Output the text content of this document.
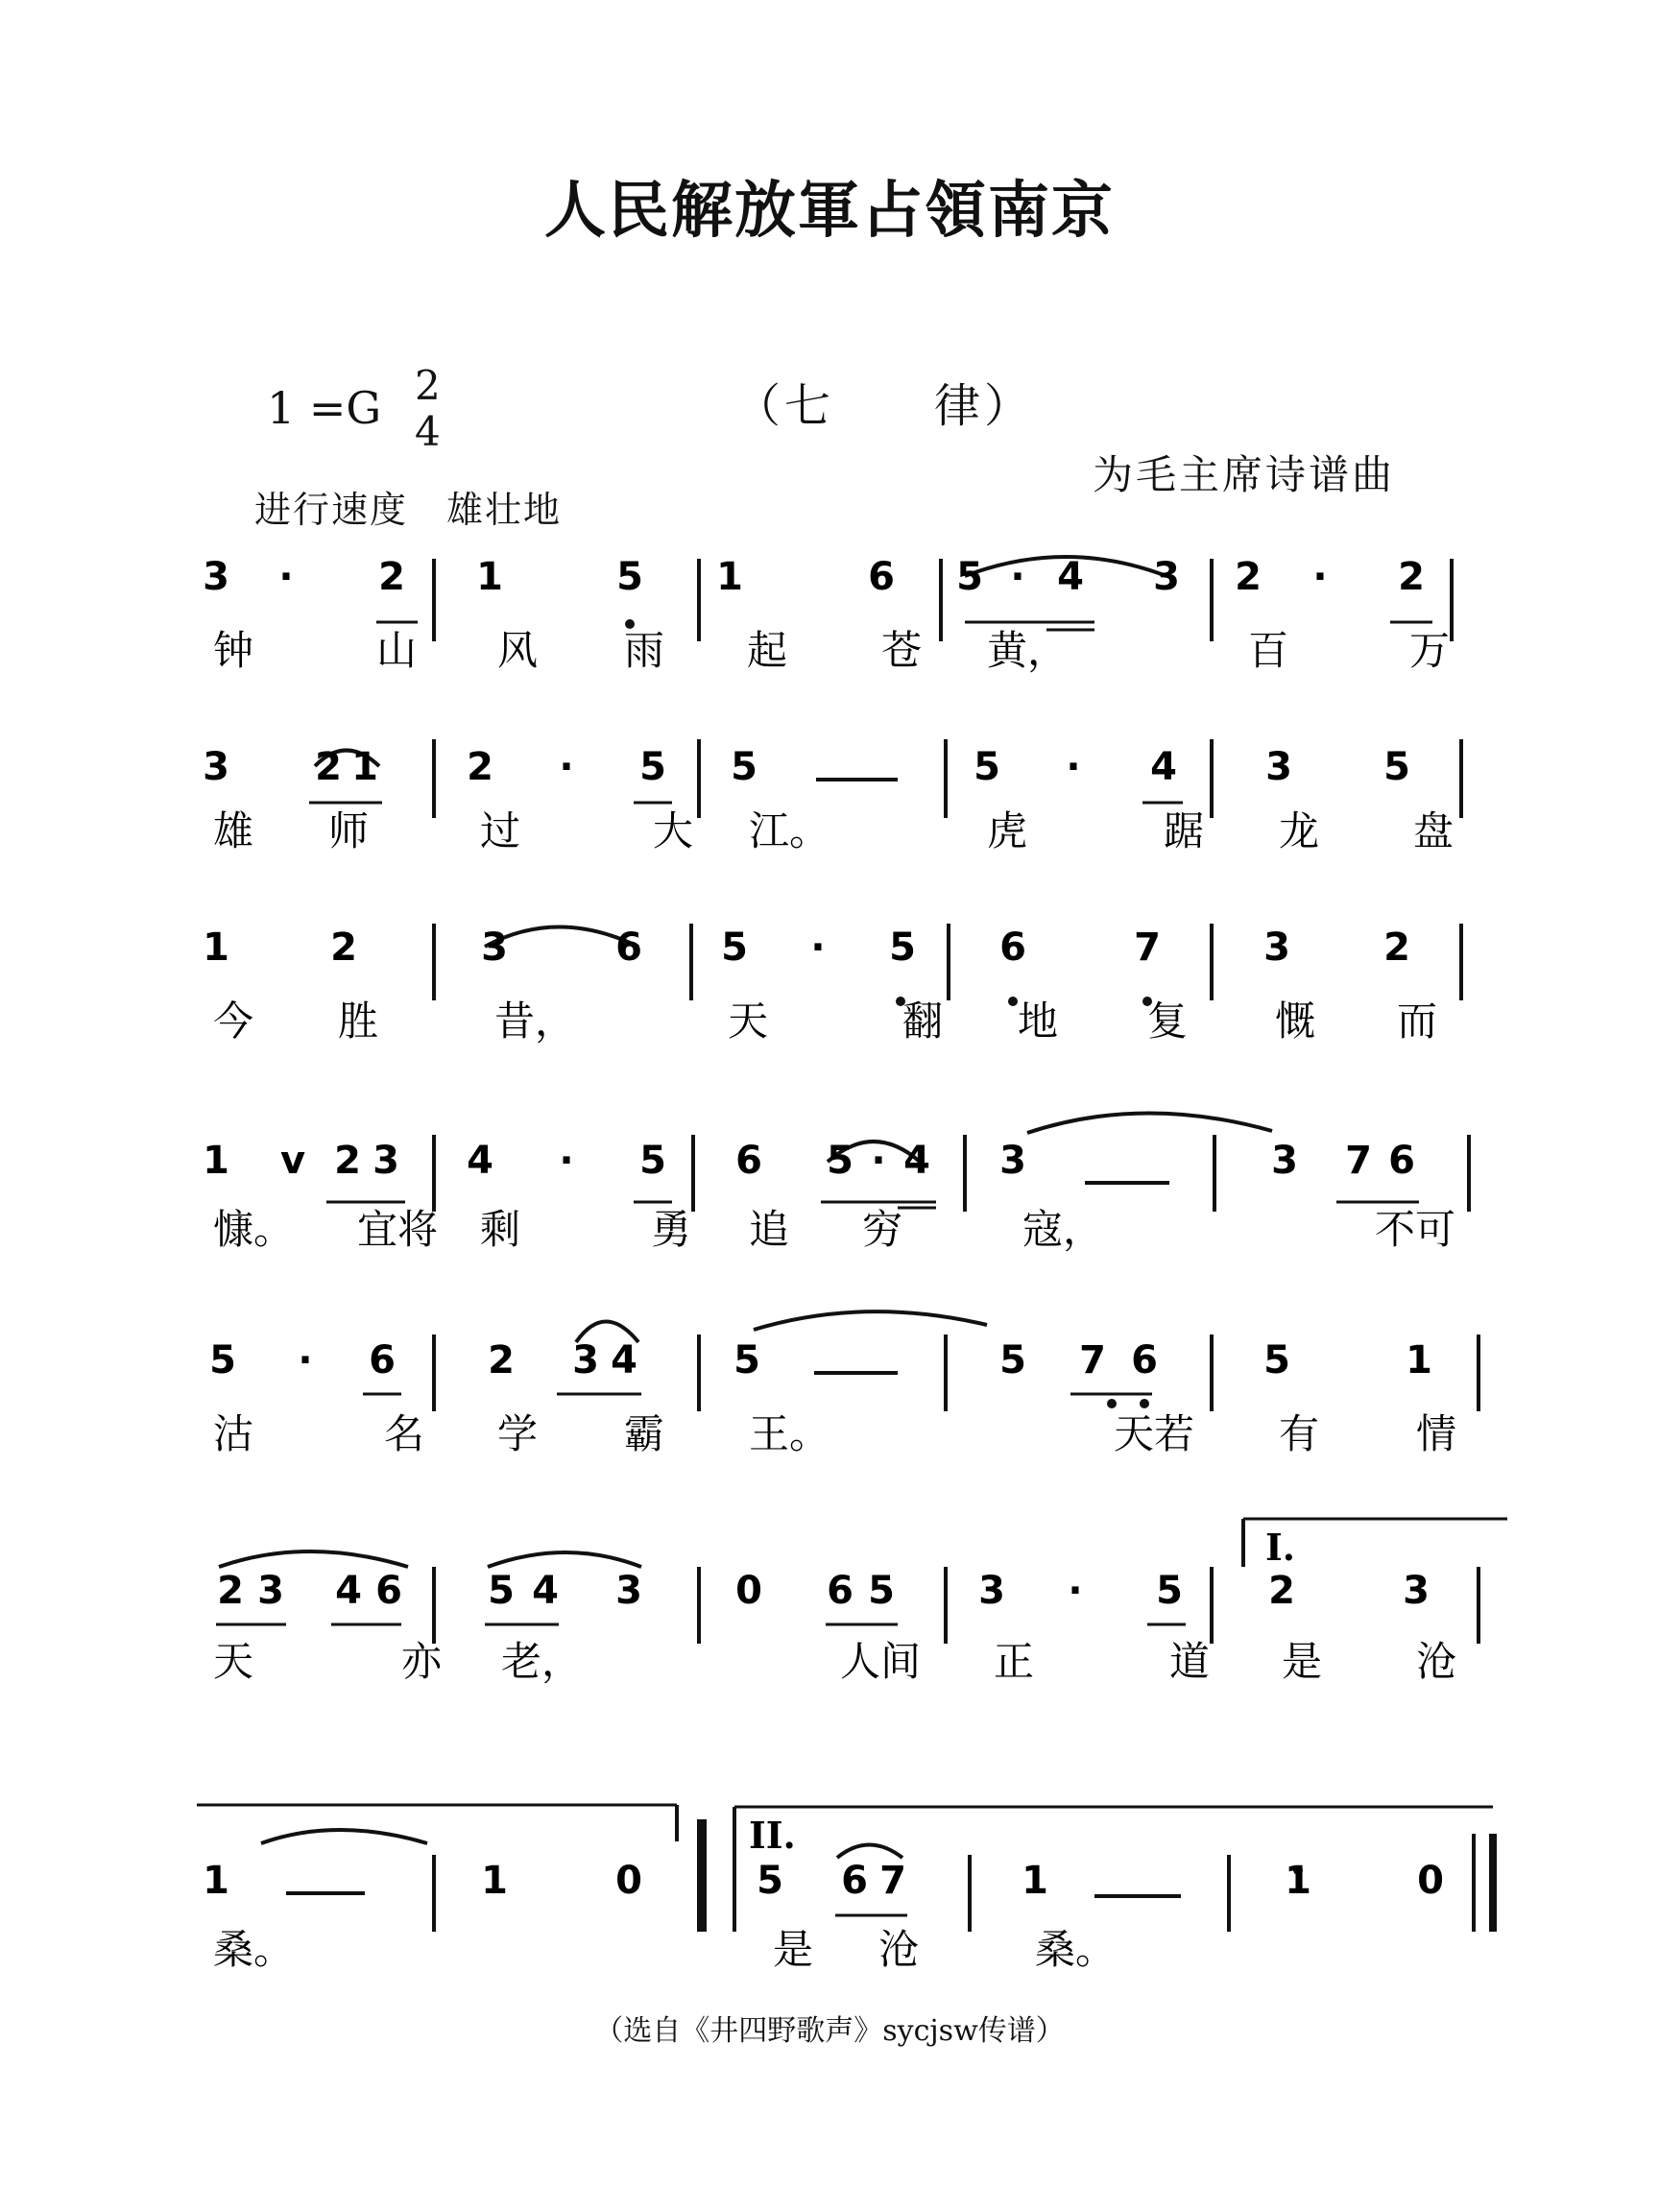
人民解放軍占領南京
1 =G 2
4	（七　　律）
为毛主席诗谱曲
进行速度　雄壮地
（选自《井四野歌声》sycjsw传谱）
3 · 2 1	5 1	6 5 · 4 3 2 · 2
钟	山 风 雨 起 苍 黄，	百	万
3 2 1 2 · 5 5 —— 5 · 4 3 5
雄 师	过	大 江。	虎	踞 龙 盘
1	2	3	6 5 · 5 6	7	3 2
今 胜	昔，	天	翻 地 复 慨 而
1 v 2 3 4 · 5 6 5 · 4 3 ——	3 7 6
慷。 宜将 剩	勇 追 穷	寇，	不可
5 · 6 2 3 4	5 ——	5 7 6	5	1
沽	名 学 霸 王。	天若 有 情
2 3 4 6 5 4 3 0 6 5 3 · 5 2	3
天	亦 老，	人间 正	道 是 沧
I.
1 ——	1	0	5 6 7	1 ——	1	0
桑。	是 沧	桑。
II.
